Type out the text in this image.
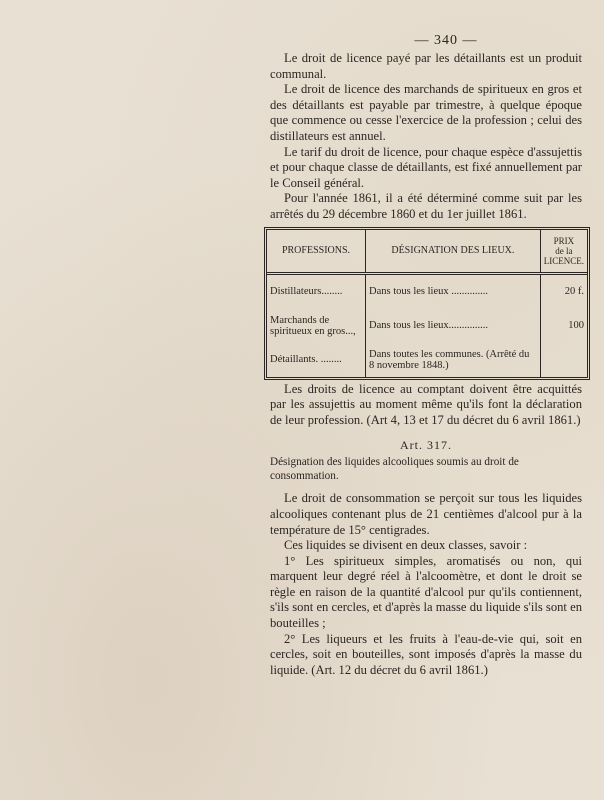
— 340 —

Le droit de licence payé par les détaillants est un produit communal.

Le droit de licence des marchands de spiritueux en gros et des détaillants est payable par trimestre, à quelque époque que commence ou cesse l'exercice de la profession ; celui des distillateurs est annuel.

Le tarif du droit de licence, pour chaque espèce d'assujettis et pour chaque classe de détaillants, est fixé annuellement par le Conseil général.

Pour l'année 1861, il a été déterminé comme suit par les arrêtés du 29 décembre 1860 et du 1er juillet 1861.

PROFESSIONS.	DÉSIGNATION DES LIEUX.	PRIX
de la
LICENCE.

Distillateurs........	Dans tous les lieux ..............	20 f.
Marchands de spiritueux en gros...,	Dans tous les lieux...............	100
Détaillants. ........	Dans toutes les communes. (Arrêté du 8 novembre 1848.)	

Les droits de licence au comptant doivent être acquittés par les assujettis au moment même qu'ils font la déclaration de leur profession. (Art 4, 13 et 17 du décret du 6 avril 1861.)

Art. 317.
Désignation des liquides alcooliques soumis au droit de consommation.

Le droit de consommation se perçoit sur tous les liquides alcooliques contenant plus de 21 centièmes d'alcool pur à la température de 15° centigrades.

Ces liquides se divisent en deux classes, savoir :

1° Les spiritueux simples, aromatisés ou non, qui marquent leur degré réel à l'alcoomètre, et dont le droit se règle en raison de la quantité d'alcool pur qu'ils contiennent, s'ils sont en cercles, et d'après la masse du liquide s'ils sont en bouteilles ;

2° Les liqueurs et les fruits à l'eau-de-vie qui, soit en cercles, soit en bouteilles, sont imposés d'après la masse du liquide. (Art. 12 du décret du 6 avril 1861.)
